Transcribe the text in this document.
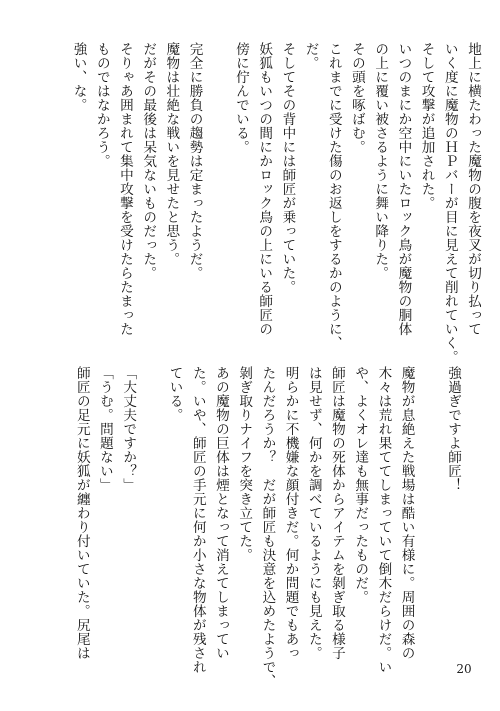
地上に横たわった魔物の腹を夜叉が切り払って
いく度に魔物のＨＰバーが目に見えて削れていく。
そして攻撃が追加された。
いつのまにか空中にいたロック鳥が魔物の胴体
の上に覆い被さるように舞い降りた。
その頭を啄ばむ。
これまでに受けた傷のお返しをするかのように、
だ。
そしてその背中には師匠が乗っていた。
妖狐もいつの間にかロック鳥の上にいる師匠の
傍に佇んでいる。

完全に勝負の趨勢は定まったようだ。
魔物は壮絶な戦いを見せたと思う。
だがその最後は呆気ないものだった。
そりゃあ囲まれて集中攻撃を受けたらたまった
ものではなかろう。
強い、な。
強過ぎですよ師匠！

魔物が息絶えた戦場は酷い有様に。周囲の森の
木々は荒れ果ててしまっていて倒木だらけだ。い
や、よくオレ達も無事だったものだ。
師匠は魔物の死体からアイテムを剝ぎ取る様子
は見せず、何かを調べているようにも見えた。
明らかに不機嫌な顔付きだ。何か問題でもあっ
たんだろうか？　だが師匠も決意を込めたようで、
剝ぎ取りナイフを突き立てた。
あの魔物の巨体は煙となって消えてしまってい
た。いや、師匠の手元に何か小さな物体が残され
ている。

「大丈夫ですか？」
「うむ。問題ない」
師匠の足元に妖狐が纏わり付いていた。尻尾は
20
